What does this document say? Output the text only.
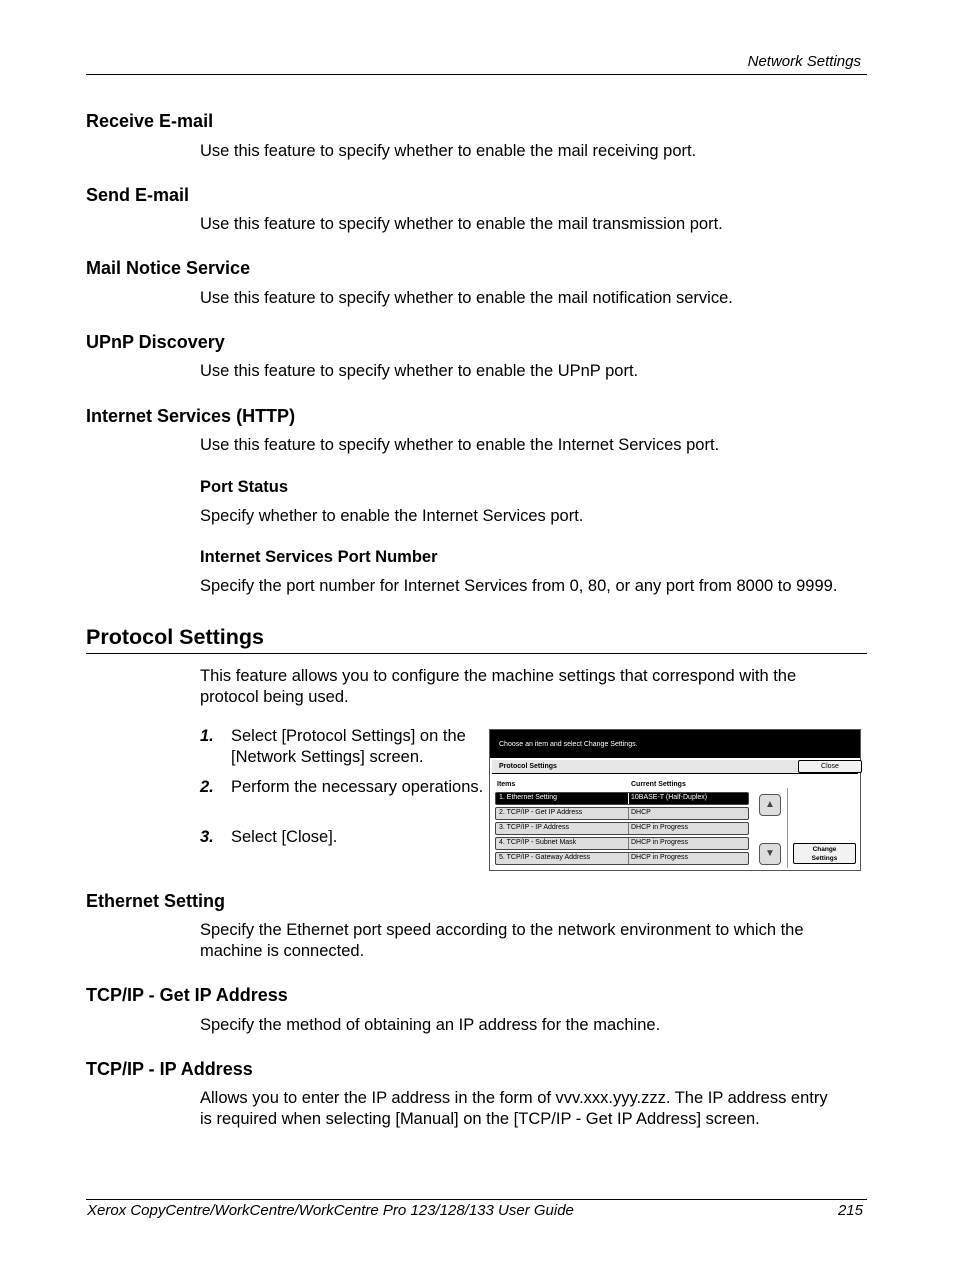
Network Settings
Receive E-mail
Use this feature to specify whether to enable the mail receiving port.
Send E-mail
Use this feature to specify whether to enable the mail transmission port.
Mail Notice Service
Use this feature to specify whether to enable the mail notification service.
UPnP Discovery
Use this feature to specify whether to enable the UPnP port.
Internet Services (HTTP)
Use this feature to specify whether to enable the Internet Services port.
Port Status
Specify whether to enable the Internet Services port.
Internet Services Port Number
Specify the port number for Internet Services from 0, 80, or any port from 8000 to 9999.
Protocol Settings
This feature allows you to configure the machine settings that correspond with the
protocol being used.
1. Select [Protocol Settings] on the [Network Settings] screen.
2. Perform the necessary operations.
3. Select [Close].
Choose an item and select Change Settings.
Protocol Settings	Close
Items	Current Settings
1. Ethernet Setting	10BASE-T (Half-Duplex)
2. TCP/IP - Get IP Address	DHCP
3. TCP/IP - IP Address	DHCP in Progress
4. TCP/IP - Subnet Mask	DHCP in Progress
5. TCP/IP - Gateway Address	DHCP in Progress
▲
▼	Change
Settings
Ethernet Setting
Specify the Ethernet port speed according to the network environment to which the
machine is connected.
TCP/IP - Get IP Address
Specify the method of obtaining an IP address for the machine.
TCP/IP - IP Address
Allows you to enter the IP address in the form of vvv.xxx.yyy.zzz. The IP address entry
is required when selecting [Manual] on the [TCP/IP - Get IP Address] screen.
Xerox CopyCentre/WorkCentre/WorkCentre Pro 123/128/133 User Guide	215
